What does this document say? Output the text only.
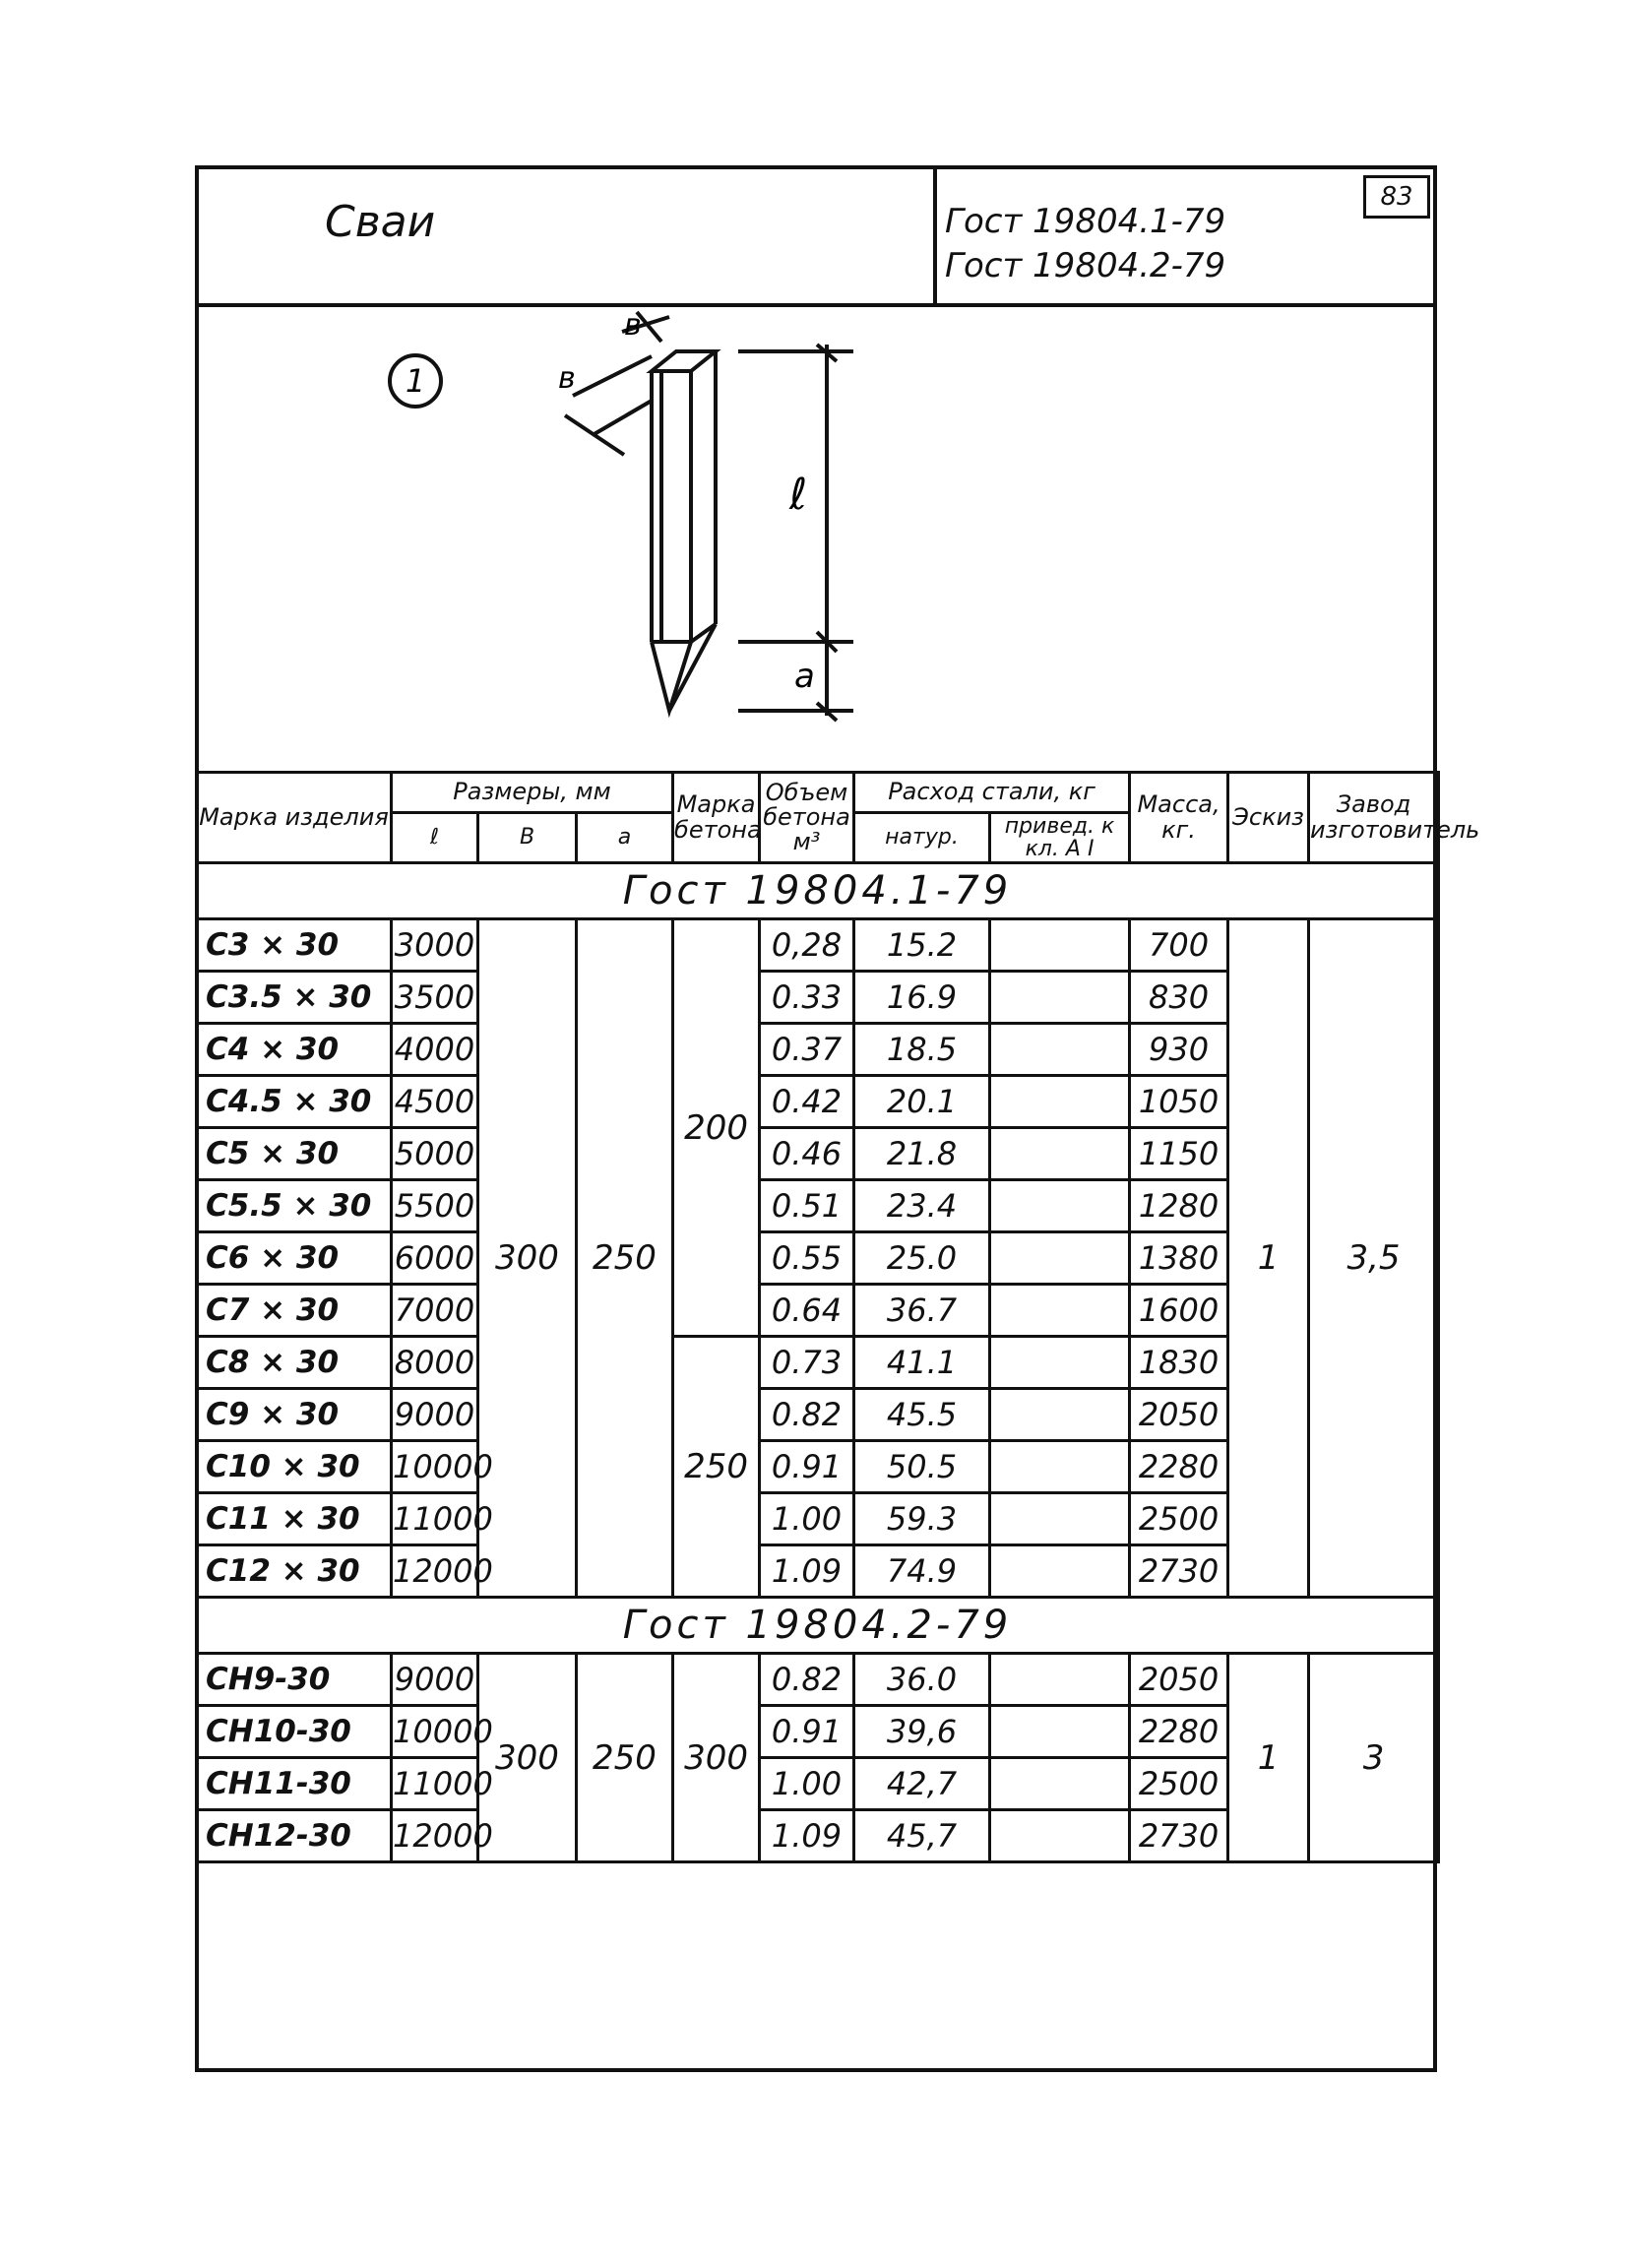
83
Сваи	Гост 19804.1-79
Гост 19804.2-79
1
в
в
ℓ
а
Марка изделия	Размеры, мм			Марка бетона	Объем бетона м³	Расход стали, кг		Масса, кг.	Эскиз	Завод изготовитель
	ℓ	В	а			натур.	привед. к кл. А I			
Гост 19804.1-79										
С3 × 30	3000	300	250	200	0,28	15.2		700	1	3,5
С3.5 × 30	3500				0.33	16.9		830		
С4 × 30	4000				0.37	18.5		930		
С4.5 × 30	4500				0.42	20.1		1050		
С5 × 30	5000				0.46	21.8		1150		
С5.5 × 30	5500				0.51	23.4		1280		
С6 × 30	6000				0.55	25.0		1380		
С7 × 30	7000				0.64	36.7		1600		
С8 × 30	8000			250	0.73	41.1		1830		
С9 × 30	9000				0.82	45.5		2050		
С10 × 30	10000				0.91	50.5		2280		
С11 × 30	11000				1.00	59.3		2500		
С12 × 30	12000				1.09	74.9		2730		
Гост 19804.2-79										
СН9-30	9000	300	250	300	0.82	36.0		2050	1	3
СН10-30	10000				0.91	39,6		2280		
СН11-30	11000				1.00	42,7		2500		
СН12-30	12000				1.09	45,7		2730		
